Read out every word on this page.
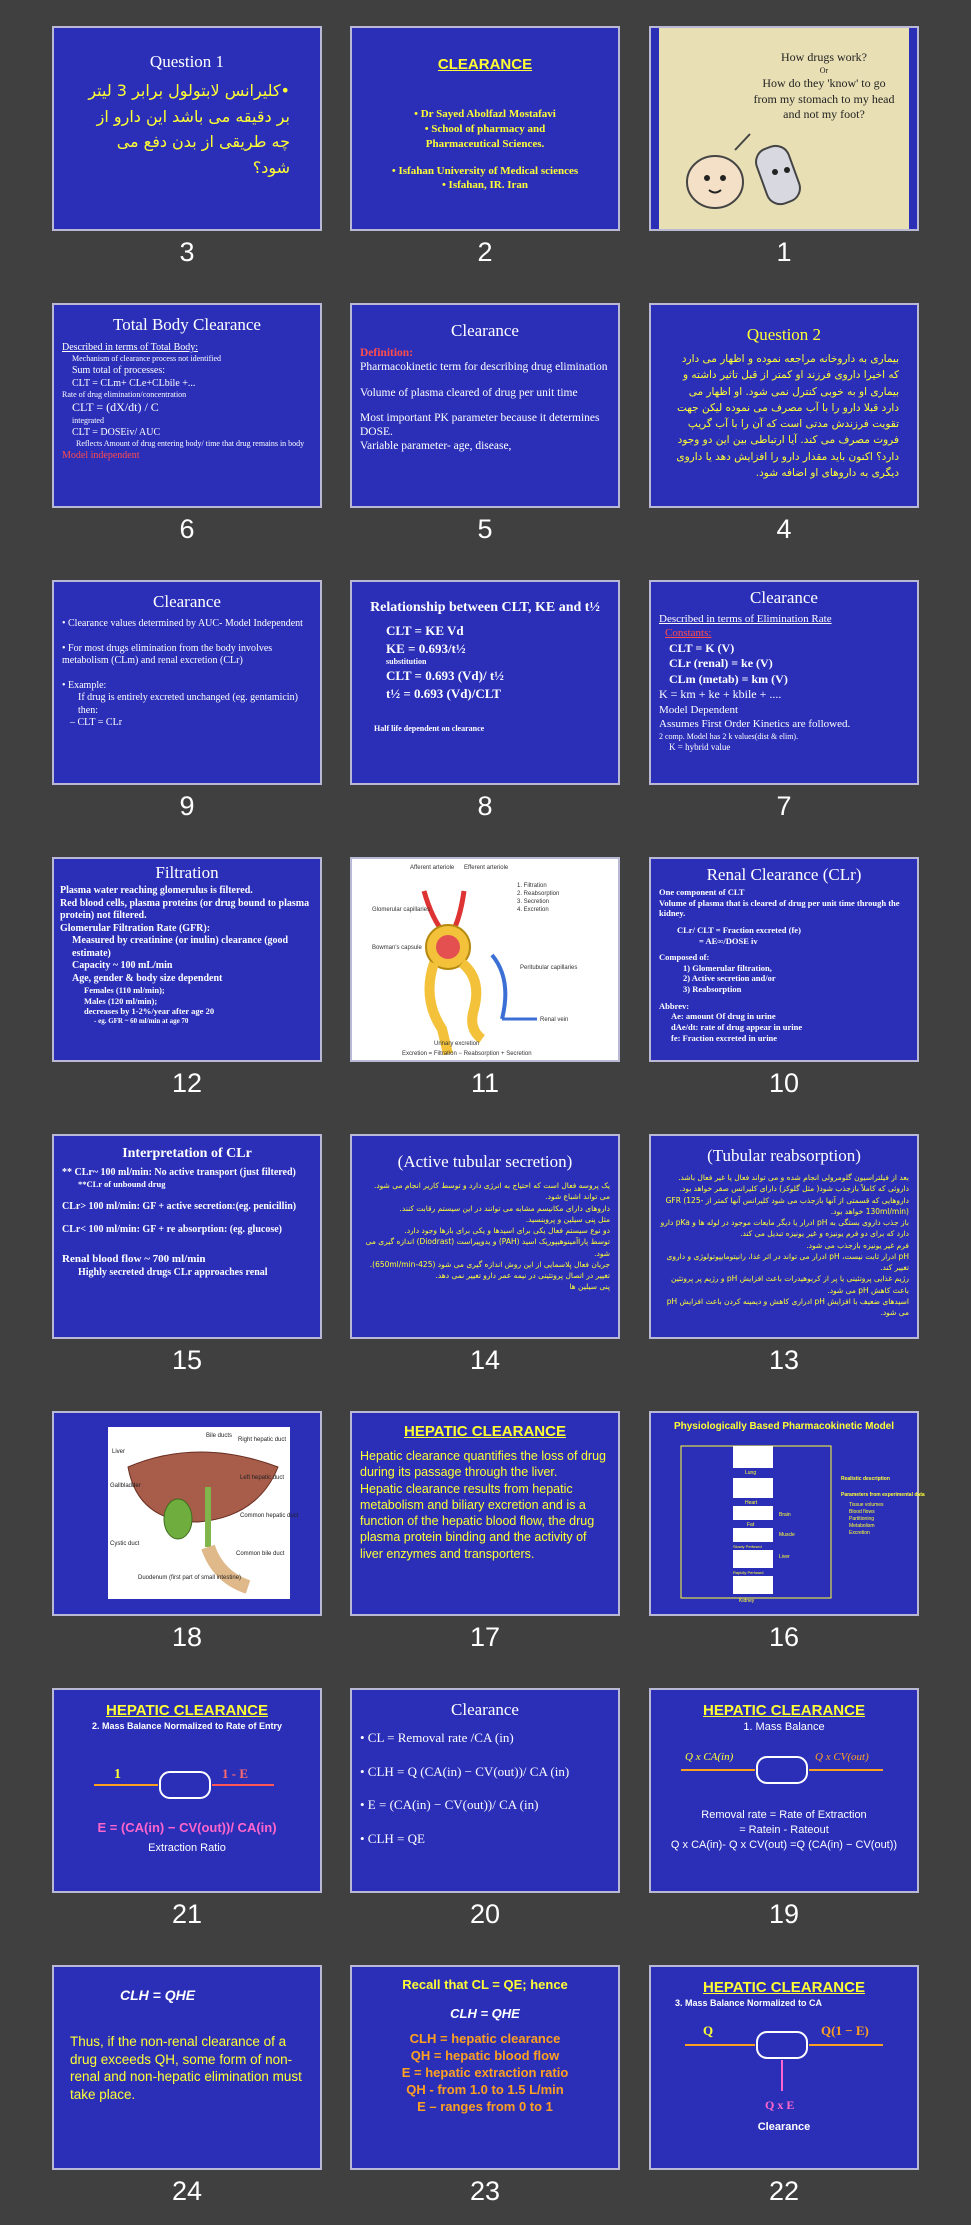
Question 1
•کلیرانس لابتولول برابر 3 لیتر بر دقیقه می باشد این دارو از چه طریقی از بدن دفع می شود؟
3
CLEARANCE
• Dr Sayed Abolfazl Mostafavi
• School of pharmacy and
Pharmaceutical Sciences.
• Isfahan University of Medical sciences
• Isfahan, IR. Iran
2
How drugs work?
Or
How do they 'know' to go
from my stomach to my head
and not my foot?
1
Total Body Clearance
Described in terms of Total Body:
Mechanism of clearance process not identified
Sum total of processes:
CLT = CLm+ CLe+CLbile +...
Rate of drug elimination/concentration
CLT = (dX/dt) / C
integrated
CLT = DOSEiv/ AUC
Reflects Amount of drug entering body/ time that drug remains in body
Model independent
6
Clearance
Definition:
Pharmacokinetic term for describing drug elimination
Volume of plasma cleared of drug per unit time
Most important PK parameter because it determines DOSE.
Variable parameter- age, disease,
5
Question 2
بیماری به داروخانه مراجعه نموده و اظهار می دارد که اخیرا داروی فرزند او کمتر از قبل تاثیر داشته و بیماری او به خوبی کنترل نمی شود. او اظهار می دارد قبلا دارو را با آب مصرف می نموده لیکن جهت تقویت فرزندش مدتی است که آن را با آب گریپ فروت مصرف می کند. آیا ارتباطی بین این دو وجود دارد؟ اکنون باید مقدار دارو را افزایش دهد یا داروی دیگری به داروهای او اضافه شود.
4
Clearance
• Clearance values determined by AUC- Model Independent
• For most drugs elimination from the body involves metabolism (CLm) and renal excretion (CLr)
• Example:
If drug is entirely excreted unchanged (eg. gentamicin) then:
– CLT = CLr
9
Relationship between CLT, KE and t½
CLT = KE Vd
KE = 0.693/t½
substitution
CLT = 0.693 (Vd)/ t½
t½ = 0.693 (Vd)/CLT
Half life dependent on clearance
8
Clearance
Described in terms of Elimination Rate
Constants:
CLT = K (V)
CLr (renal) = ke (V)
CLm (metab) = km (V)
K = km + ke + kbile + ....
Model Dependent
Assumes First Order Kinetics are followed.
2 comp. Model has 2 k values(dist & elim).
K = hybrid value
7
Filtration
Plasma water reaching glomerulus is filtered.
Red blood cells, plasma proteins (or drug bound to plasma protein) not filtered.
Glomerular Filtration Rate (GFR):
Measured by creatinine (or inulin) clearance (good estimate)
Capacity ~ 100 mL/min
Age, gender & body size dependent
Females (110 ml/min);
Males (120 ml/min);
decreases by 1-2%/year after age 20
- eg. GFR ~ 60 ml/min at age 70
12
Afferent arteriole Efferent arteriole
1. Filtration
2. Reabsorption
3. Secretion
4. Excretion
Glomerular capillaries
Bowman's capsule
Peritubular capillaries
Renal vein
Urinary excretion
Excretion = Filtration − Reabsorption + Secretion
11
Renal Clearance (CLr)
One component of CLT
Volume of plasma that is cleared of drug per unit time through the kidney.
CLr/ CLT = Fraction excreted (fe)
= AE∞/DOSE iv
Composed of:
1) Glomerular filtration,
2) Active secretion and/or
3) Reabsorption
Abbrev:
Ae: amount Of drug in urine
dAe/dt: rate of drug appear in urine
fe: Fraction excreted in urine
10
Interpretation of CLr
** CLr~ 100 ml/min: No active transport (just filtered)
**CLr of unbound drug
CLr> 100 ml/min: GF + active secretion:(eg. penicillin)
CLr< 100 ml/min: GF + re absorption: (eg. glucose)
Renal blood flow ~ 700 ml/min
Highly secreted drugs CLr approaches renal
15
(Active tubular secretion)
یک پروسه فعال است که احتیاج به انرژی دارد و توسط کاریر انجام می شود.
می تواند اشباع شود.
داروهای دارای مکانیسم مشابه می توانند در این سیستم رقابت کنند.
مثل پنی سیلین و پروبنسید.
دو نوع سیستم فعال یکی برای اسیدها و یکی برای بازها وجود دارد.
توسط پاراآمینوهیپوریک اسید (PAH) و یدوپیراست (Diodrast) اندازه گیری می شود.
جریان فعال پلاسمایی از این روش اندازه گیری می شود (425-650ml/min).
تغییر در اتصال پروتئینی در نیمه عمر دارو تغییر نمی دهد.
پنی سیلین ها
14
(Tubular reabsorption)
بعد از فیلتراسیون گلومرولی انجام شده و می تواند فعال یا غیر فعال باشد.
داروئی که کاملاً بازجذب شود( مثل گلوکز) دارای کلیرانس صفر خواهد بود.
داروهایی که قسمتی از آنها بازجذب می شود کلیرانس آنها کمتر از GFR (125-130ml/min) خواهد بود.
باز جذب داروی بستگی به pH ادرار یا دیگر مایعات موجود در لوله ها و pKa دارو دارد که برای دو فرم یونیزه و غیر یونیزه تبدیل می کند.
فرم غیر یونیزه بازجذب می شود.
pH ادرار ثابت نیست، pH ادرار می تواند در اثر غذا، رانیتومایپوتولوژی و داروی تغییر کند.
رژیم غذایی پروتئینی یا پر از کربوهیدرات باعث افزایش pH و رژیم پر پروتئین باعث کاهش pH می شود.
اسیدهای ضعیف با افزایش pH ادراری کاهش و دیمینه کردن باعث افزایش pH می شود.
13
Bile ducts
Right hepatic duct
Liver
Left hepatic duct
Gallbladder
Common hepatic duct
Cystic duct
Common bile duct
Duodenum (first part of small intestine)
18
HEPATIC CLEARANCE
Hepatic clearance quantifies the loss of drug during its passage through the liver.
Hepatic clearance results from hepatic metabolism and biliary excretion and is a function of the hepatic blood flow, the drug plasma protein binding and the activity of liver enzymes and transporters.
17
Physiologically Based Pharmacokinetic Model
Lung
Heart
Fat
Muscle
Brain
Liver
Rapidly Perfused
Slowly Perfused
Kidney
Realistic description
Parameters from experimental data
Tissue volumes
Blood flows
Partitioning
Metabolism
Excretion
16
HEPATIC CLEARANCE
2. Mass Balance Normalized to Rate of Entry
1	1 - E
E = (CA(in) − CV(out))/ CA(in)
Extraction Ratio
21
Clearance
• CL = Removal rate /CA (in)
• CLH = Q (CA(in) − CV(out))/ CA (in)
• E = (CA(in) − CV(out))/ CA (in)
• CLH = QE
20
HEPATIC CLEARANCE
1. Mass Balance
Q x CA(in)	Q x CV(out)
Removal rate = Rate of Extraction
= Ratein - Rateout
Q x CA(in)- Q x CV(out) =Q (CA(in) − CV(out))
19
CLH = QHE
Thus, if the non-renal clearance of a drug exceeds QH, some form of non-renal and non-hepatic elimination must take place.
24
Recall that CL = QE; hence
CLH = QHE
CLH = hepatic clearance
QH = hepatic blood flow
E = hepatic extraction ratio
QH - from 1.0 to 1.5 L/min
E – ranges from 0 to 1
23
HEPATIC CLEARANCE
3. Mass Balance Normalized to CA
Q	Q(1 − E)
Q x E
Clearance
22
